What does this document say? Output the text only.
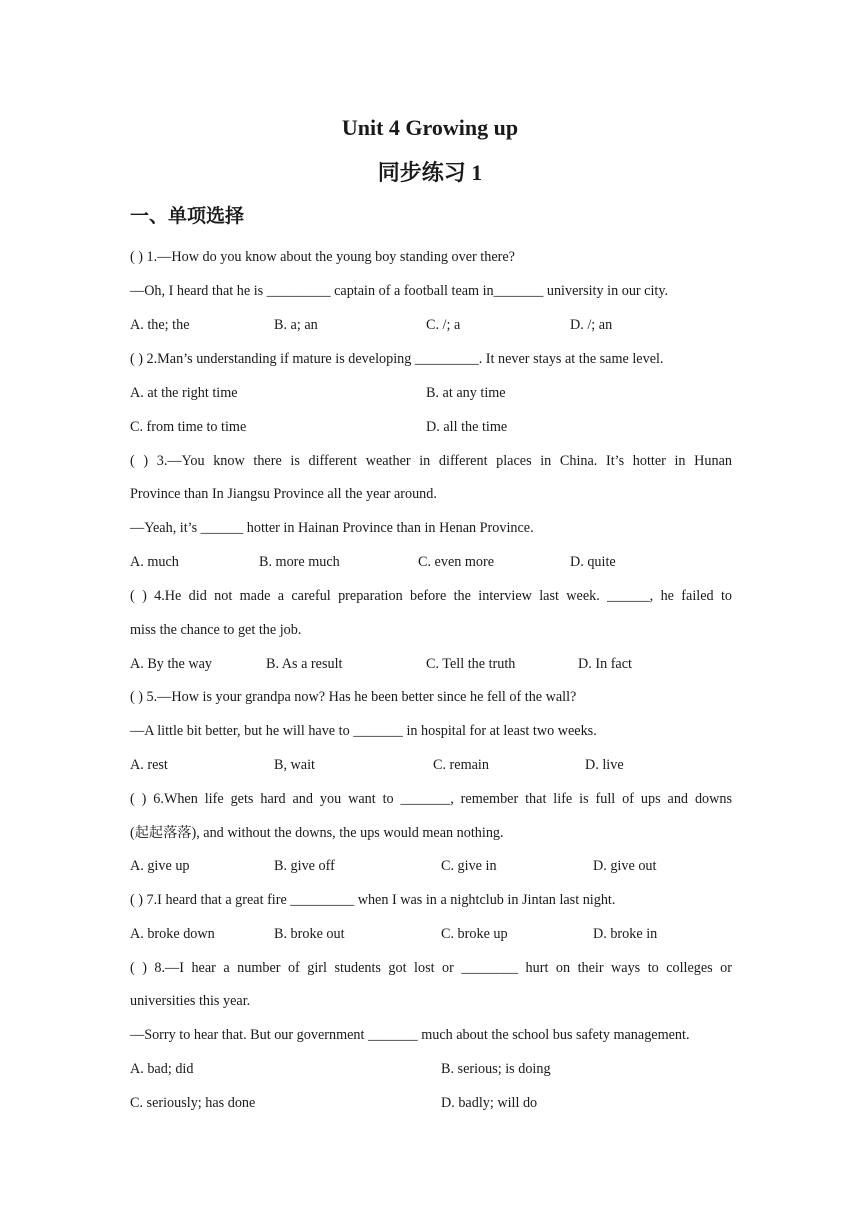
Unit 4 Growing up
同步练习 1
一、单项选择
( ) 1.—How do you know about the young boy standing over there?
—Oh, I heard that he is _________ captain of a football team in_______ university in our city.
A. the; the	B. a; an	C. /; a	D. /; an
( ) 2.Man’s understanding if mature is developing _________. It never stays at the same level.
A. at the right time	B. at any time
C. from time to time	D. all the time
( ) 3.—You know there is different weather in different places in China. It’s hotter in Hunan
Province than In Jiangsu Province all the year around.
—Yeah, it’s ______ hotter in Hainan Province than in Henan Province.
A. much	B. more much	C. even more	D. quite
( ) 4.He did not made a careful preparation before the interview last week. ______, he failed to
miss the chance to get the job.
A. By the way	B. As a result	C. Tell the truth	D. In fact
( ) 5.—How is your grandpa now? Has he been better since he fell of the wall?
—A little bit better, but he will have to _______ in hospital for at least two weeks.
A. rest	B, wait	C. remain	D. live
( ) 6.When life gets hard and you want to _______, remember that life is full of ups and downs
(起起落落), and without the downs, the ups would mean nothing.
A. give up	B. give off	C. give in	D. give out
( ) 7.I heard that a great fire _________ when I was in a nightclub in Jintan last night.
A. broke down	B. broke out	C. broke up	D. broke in
( ) 8.—I hear a number of girl students got lost or ________ hurt on their ways to colleges or
universities this year.
—Sorry to hear that. But our government _______ much about the school bus safety management.
A. bad; did	B. serious; is doing
C. seriously; has done	D. badly; will do
